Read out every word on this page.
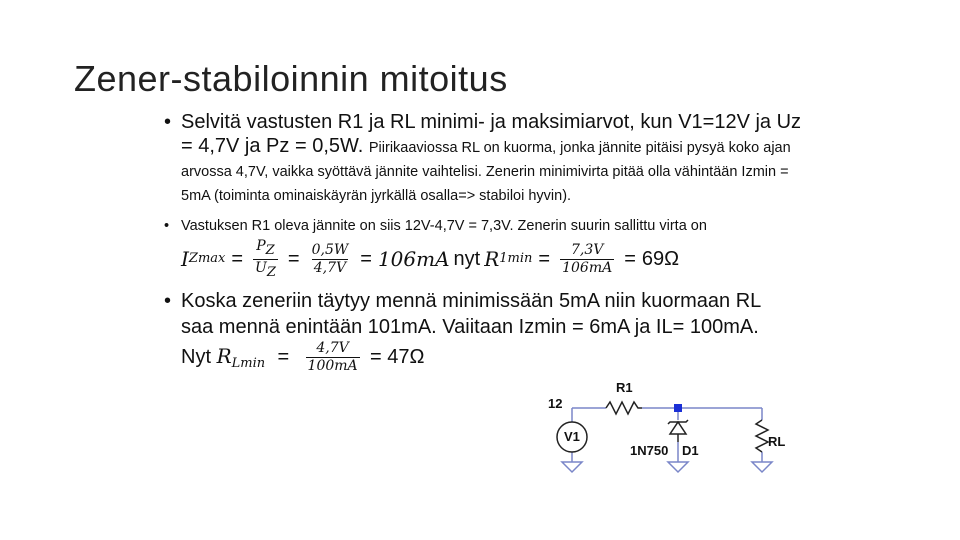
Zener-stabiloinnin mitoitus

• Selvitä vastusten R1 ja RL minimi- ja maksimiarvot, kun V1=12V ja Uz = 4,7V ja Pz = 0,5W. Piirikaaviossa RL on kuorma, jonka jännite pitäisi pysyä koko ajan arvossa 4,7V, vaikka syöttävä jännite vaihtelisi. Zenerin minimivirta pitää olla vähintään Izmin = 5mA (toiminta ominaiskäyrän jyrkällä osalla=> stabiloi hyvin).

• Vastuksen R1 oleva jännite on siis 12V-4,7V = 7,3V. Zenerin suurin sallittu virta on
I $Zmax = \frac{PZ}{UZ} = \frac{0,5W}{4,7V} = 106mA$ nyt R $1\min = \frac{7,3V}{106mA} = 69\Omega$
• Koska zeneriin täytyy mennä minimissään 5mA niin kuormaan RL saa mennä enintään 101mA. Vaiitaan Izmin = 6mA ja IL= 100mA. Nyt $R_{Lmin} = \frac{4,7V}{100mA} = 47\Omega$
12
V1
R1
1N750 D1
RL
